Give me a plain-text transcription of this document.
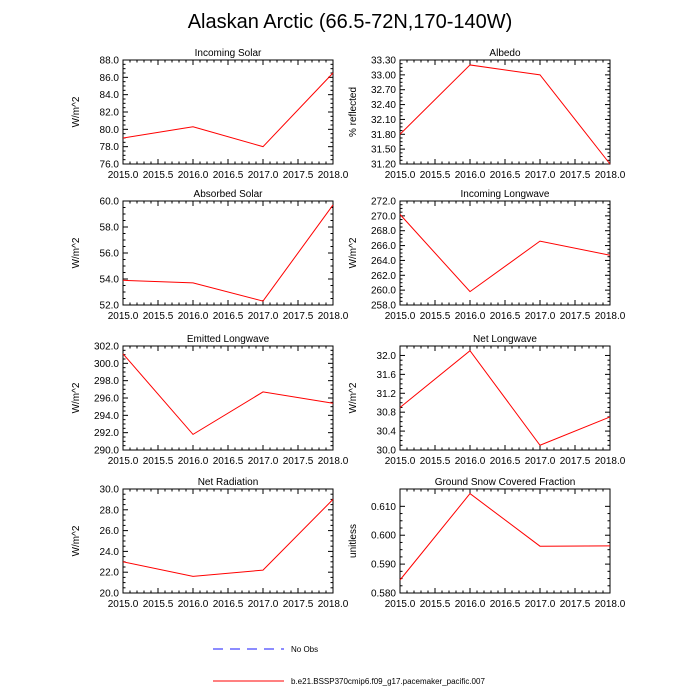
Alaskan Arctic (66.5-72N,170-140W)
Incoming Solar
W/m^2
2015.0 2015.5 2016.0 2016.5 2017.0 2017.5 2018.0
76.0
78.0
80.0
82.0
84.0
86.0
88.0
Albedo
% reflected
2015.0 2015.5 2016.0 2016.5 2017.0 2017.5 2018.0
31.20
31.50
31.80
32.10
32.40
32.70
33.00
33.30
Absorbed Solar
W/m^2
2015.0 2015.5 2016.0 2016.5 2017.0 2017.5 2018.0
52.0
54.0
56.0
58.0
60.0
Incoming Longwave
W/m^2
2015.0 2015.5 2016.0 2016.5 2017.0 2017.5 2018.0
258.0
260.0
262.0
264.0
266.0
268.0
270.0
272.0
Emitted Longwave
W/m^2
2015.0 2015.5 2016.0 2016.5 2017.0 2017.5 2018.0
290.0
292.0
294.0
296.0
298.0
300.0
302.0
Net Longwave
W/m^2
2015.0 2015.5 2016.0 2016.5 2017.0 2017.5 2018.0
30.0
30.4
30.8
31.2
31.6
32.0
Net Radiation
W/m^2
2015.0 2015.5 2016.0 2016.5 2017.0 2017.5 2018.0
20.0
22.0
24.0
26.0
28.0
30.0
Ground Snow Covered Fraction
unitless
2015.0 2015.5 2016.0 2016.5 2017.0 2017.5 2018.0
0.580
0.590
0.600
0.610
No Obs
b.e21.BSSP370cmip6.f09_g17.pacemaker_pacific.007
